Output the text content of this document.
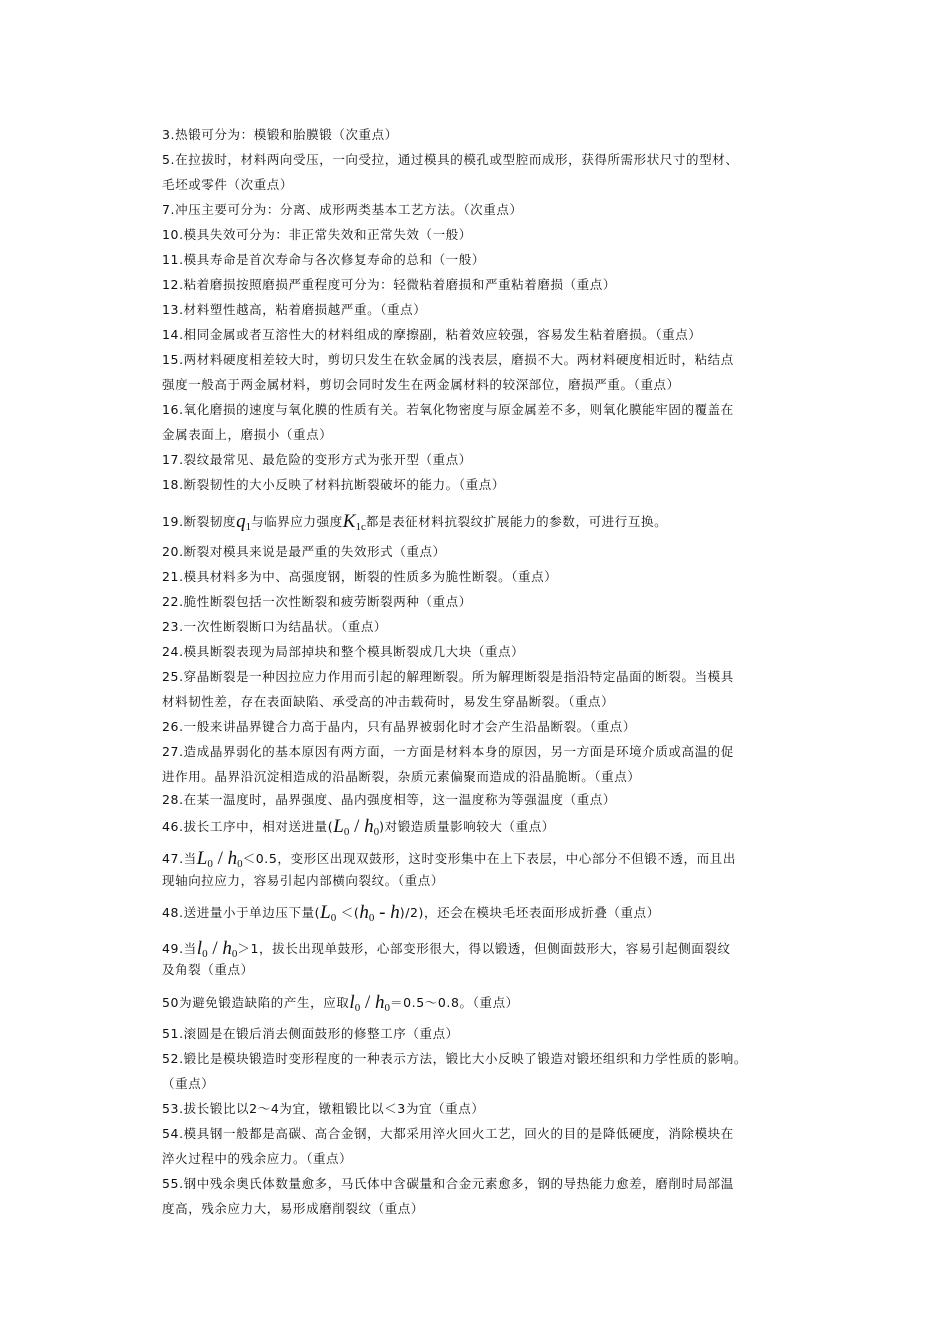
3.热锻可分为：模锻和胎膜锻（次重点）
5.在拉拔时，材料两向受压，一向受拉，通过模具的模孔或型腔而成形，获得所需形状尺寸的型材、
毛坯或零件（次重点）
7.冲压主要可分为：分离、成形两类基本工艺方法。（次重点）
10.模具失效可分为：非正常失效和正常失效（一般）
11.模具寿命是首次寿命与各次修复寿命的总和（一般）
12.粘着磨损按照磨损严重程度可分为：轻微粘着磨损和严重粘着磨损（重点）
13.材料塑性越高，粘着磨损越严重。（重点）
14.相同金属或者互溶性大的材料组成的摩擦副，粘着效应较强，容易发生粘着磨损。（重点）
15.两材料硬度相差较大时，剪切只发生在软金属的浅表层，磨损不大。两材料硬度相近时，粘结点
强度一般高于两金属材料，剪切会同时发生在两金属材料的较深部位，磨损严重。（重点）
16.氧化磨损的速度与氧化膜的性质有关。若氧化物密度与原金属差不多，则氧化膜能牢固的覆盖在
金属表面上，磨损小（重点）
17.裂纹最常见、最危险的变形方式为张开型（重点）
18.断裂韧性的大小反映了材料抗断裂破坏的能力。（重点）
19.断裂韧度q1与临界应力强度K1c都是表征材料抗裂纹扩展能力的参数，可进行互换。
20.断裂对模具来说是最严重的失效形式（重点）
21.模具材料多为中、高强度钢，断裂的性质多为脆性断裂。（重点）
22.脆性断裂包括一次性断裂和疲劳断裂两种（重点）
23.一次性断裂断口为结晶状。（重点）
24.模具断裂表现为局部掉块和整个模具断裂成几大块（重点）
25.穿晶断裂是一种因拉应力作用而引起的解理断裂。所为解理断裂是指沿特定晶面的断裂。当模具
材料韧性差，存在表面缺陷、承受高的冲击载荷时，易发生穿晶断裂。（重点）
26.一般来讲晶界键合力高于晶内，只有晶界被弱化时才会产生沿晶断裂。（重点）
27.造成晶界弱化的基本原因有两方面，一方面是材料本身的原因，另一方面是环境介质或高温的促
进作用。晶界沿沉淀相造成的沿晶断裂，杂质元素偏聚而造成的沿晶脆断。（重点）
28.在某一温度时，晶界强度、晶内强度相等，这一温度称为等强温度（重点）
46.拔长工序中，相对送进量(L0 / h0)对锻造质量影响较大（重点）
47.当L0 / h0＜0.5，变形区出现双鼓形，这时变形集中在上下表层，中心部分不但锻不透，而且出
现轴向拉应力，容易引起内部横向裂纹。（重点）
48.送进量小于单边压下量(L0 ＜(h0 - h)/2)，还会在模块毛坯表面形成折叠（重点）
49.当l0 / h0＞1，拔长出现单鼓形，心部变形很大，得以锻透，但侧面鼓形大，容易引起侧面裂纹
及角裂（重点）
50为避免锻造缺陷的产生，应取l0 / h0＝0.5～0.8。（重点）
51.滚圆是在锻后消去侧面鼓形的修整工序（重点）
52.锻比是模块锻造时变形程度的一种表示方法，锻比大小反映了锻造对锻坯组织和力学性质的影响。
（重点）
53.拔长锻比以2～4为宜，镦粗锻比以＜3为宜（重点）
54.模具钢一般都是高碳、高合金钢，大都采用淬火回火工艺，回火的目的是降低硬度，消除模块在
淬火过程中的残余应力。（重点）
55.钢中残余奥氏体数量愈多，马氏体中含碳量和合金元素愈多，钢的导热能力愈差，磨削时局部温
度高，残余应力大，易形成磨削裂纹（重点）
